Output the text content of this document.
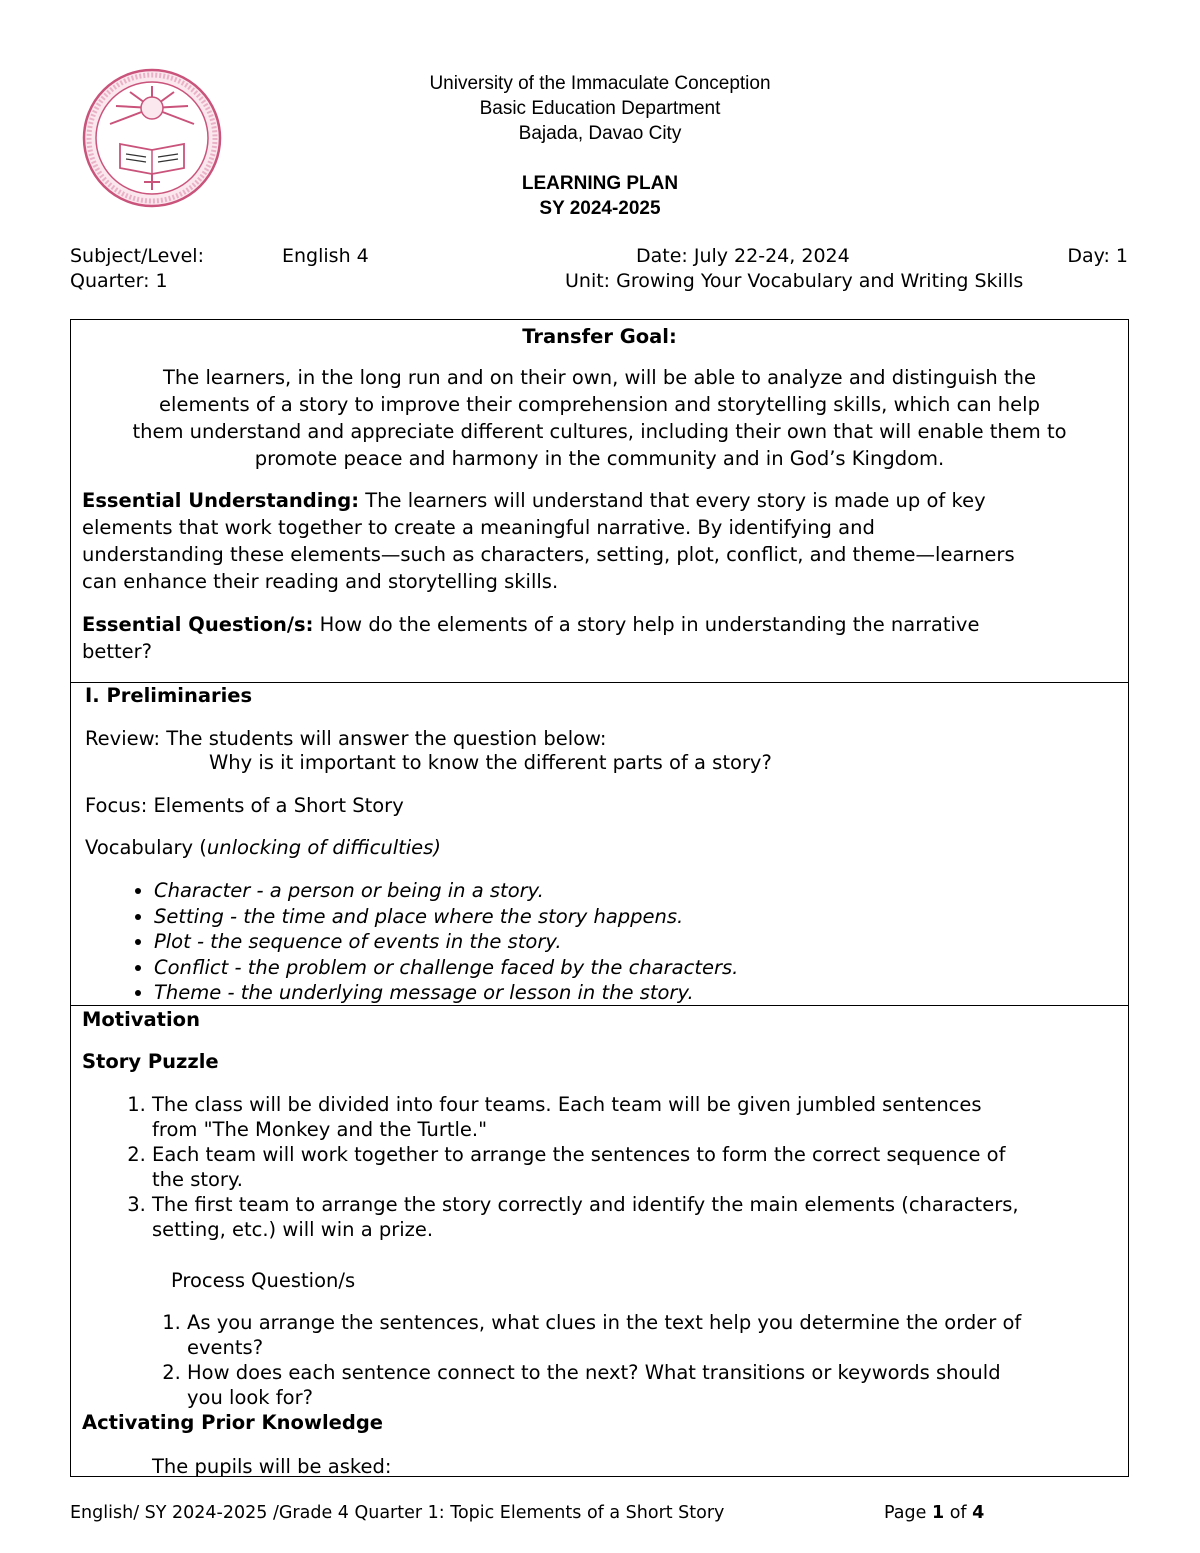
University of the Immaculate Conception
Basic Education Department
Bajada, Davao City
LEARNING PLAN
SY 2024-2025
Subject/Level:	English 4	Date: July 22-24, 2024	Day: 1
Quarter: 1	Unit: Growing Your Vocabulary and Writing Skills
Transfer Goal:
The learners, in the long run and on their own, will be able to analyze and distinguish the
elements of a story to improve their comprehension and storytelling skills, which can help
them understand and appreciate different cultures, including their own that will enable them to
promote peace and harmony in the community and in God’s Kingdom.
Essential Understanding: The learners will understand that every story is made up of key
elements that work together to create a meaningful narrative. By identifying and
understanding these elements—such as characters, setting, plot, conflict, and theme—learners
can enhance their reading and storytelling skills.
Essential Question/s: How do the elements of a story help in understanding the narrative
better?
I. Preliminaries
Review: The students will answer the question below:
Why is it important to know the different parts of a story?
Focus: Elements of a Short Story
Vocabulary (unlocking of difficulties)
• Character - a person or being in a story.
• Setting - the time and place where the story happens.
• Plot - the sequence of events in the story.
• Conflict - the problem or challenge faced by the characters.
• Theme - the underlying message or lesson in the story.
Motivation
Story Puzzle
1. The class will be divided into four teams. Each team will be given jumbled sentences
from "The Monkey and the Turtle."
2. Each team will work together to arrange the sentences to form the correct sequence of
the story.
3. The first team to arrange the story correctly and identify the main elements (characters,
setting, etc.) will win a prize.
Process Question/s
1. As you arrange the sentences, what clues in the text help you determine the order of
events?
2. How does each sentence connect to the next? What transitions or keywords should
you look for?
Activating Prior Knowledge
The pupils will be asked:
English/ SY 2024-2025 /Grade 4 Quarter 1: Topic Elements of a Short Story	Page 1 of 4
